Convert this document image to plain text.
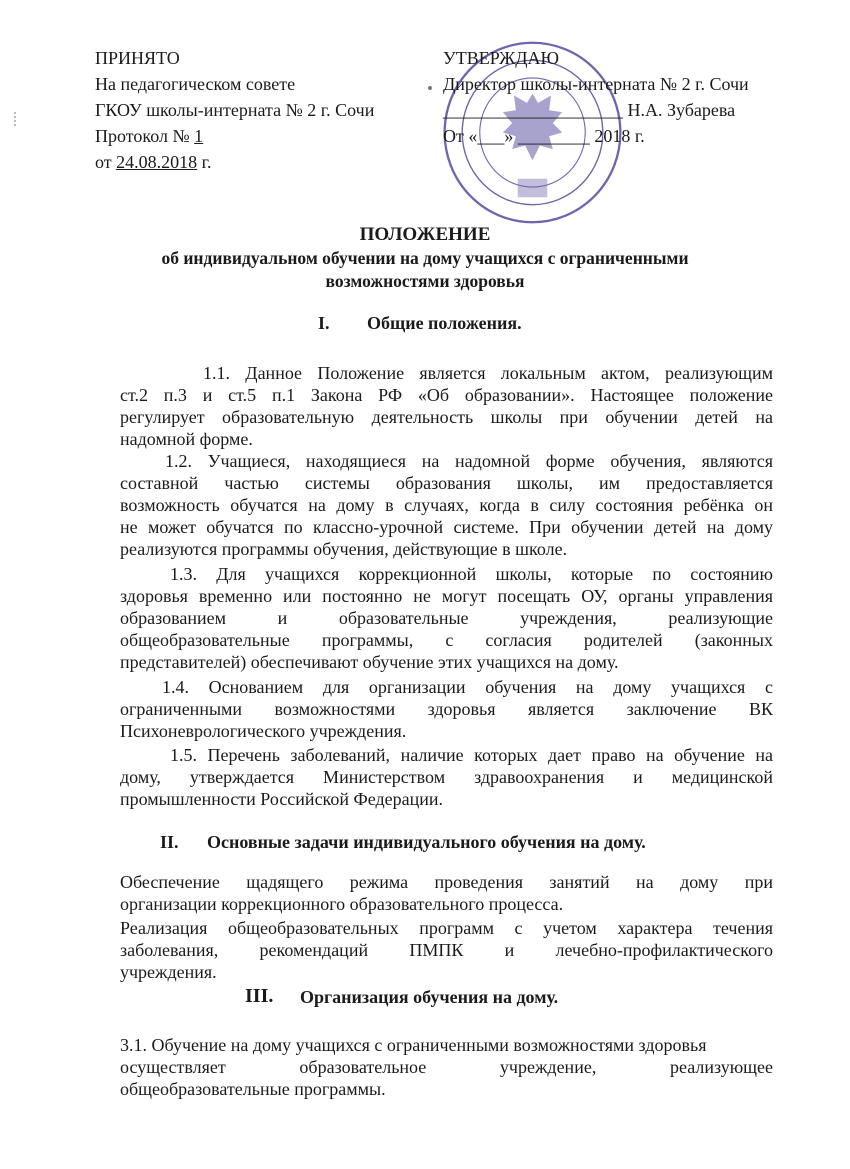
ПРИНЯТО
На педагогическом совете
ГКОУ школы-интерната № 2 г. Сочи
Протокол № 1
от 24.08.2018 г.
УТВЕРЖДАЮ
Директор школы-интерната № 2 г. Сочи
____________________ Н.А. Зубарева
От «___» ________ 2018 г.
ПОЛОЖЕНИЕ
об индивидуальном обучении на дому учащихся с ограниченными
возможностями здоровья
I. Общие положения.
1.1. Данное Положение является локальным актом, реализующим
ст.2 п.3 и ст.5 п.1 Закона РФ «Об образовании». Настоящее положение
регулирует образовательную деятельность школы при обучении детей на
надомной форме.
1.2. Учащиеся, находящиеся на надомной форме обучения, являются
составной частью системы образования школы, им предоставляется
возможность обучатся на дому в случаях, когда в силу состояния ребёнка он
не может обучатся по классно-урочной системе. При обучении детей на дому
реализуются программы обучения, действующие в школе.
1.3. Для учащихся коррекционной школы, которые по состоянию
здоровья временно или постоянно не могут посещать ОУ, органы управления
образованием и образовательные учреждения, реализующие
общеобразовательные программы, с согласия родителей (законных
представителей) обеспечивают обучение этих учащихся на дому.
1.4. Основанием для организации обучения на дому учащихся с
ограниченными возможностями здоровья является заключение ВК
Психоневрологического учреждения.
1.5. Перечень заболеваний, наличие которых дает право на обучение на
дому, утверждается Министерством здравоохранения и медицинской
промышленности Российской Федерации.
II. Основные задачи индивидуального обучения на дому.
Обеспечение щадящего режима проведения занятий на дому при
организации коррекционного образовательного процесса.
Реализация общеобразовательных программ с учетом характера течения
заболевания, рекомендаций ПМПК и лечебно-профилактического
учреждения.
III. Организация обучения на дому.
3.1. Обучение на дому учащихся с ограниченными возможностями здоровья
осуществляет образовательное учреждение, реализующее
общеобразовательные программы.
